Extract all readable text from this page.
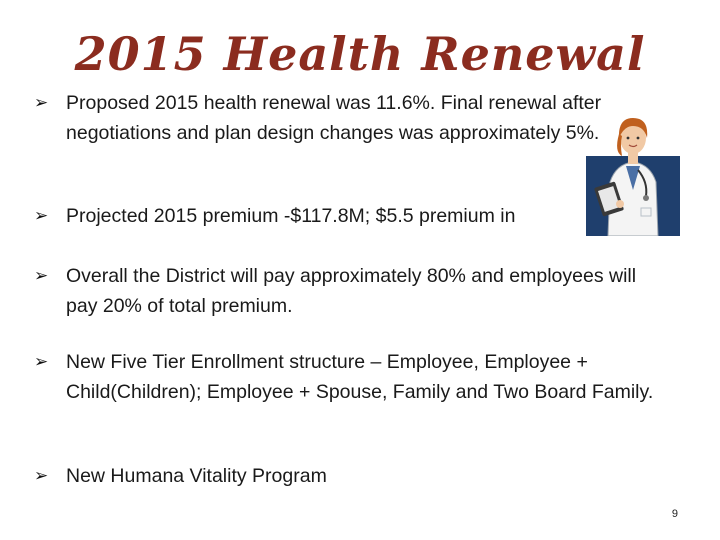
2015 Health Renewal
➢ Proposed 2015 health renewal was 11.6%. Final renewal after negotiations and plan design changes was approximately 5%.
➢ Projected 2015 premium -$117.8M; $5.5 premium in
➢ Overall the District will pay approximately 80% and employees will pay 20% of total premium.
➢ New Five Tier Enrollment structure – Employee, Employee + Child(Children); Employee + Spouse, Family and Two Board Family.
➢ New Humana Vitality Program
9
